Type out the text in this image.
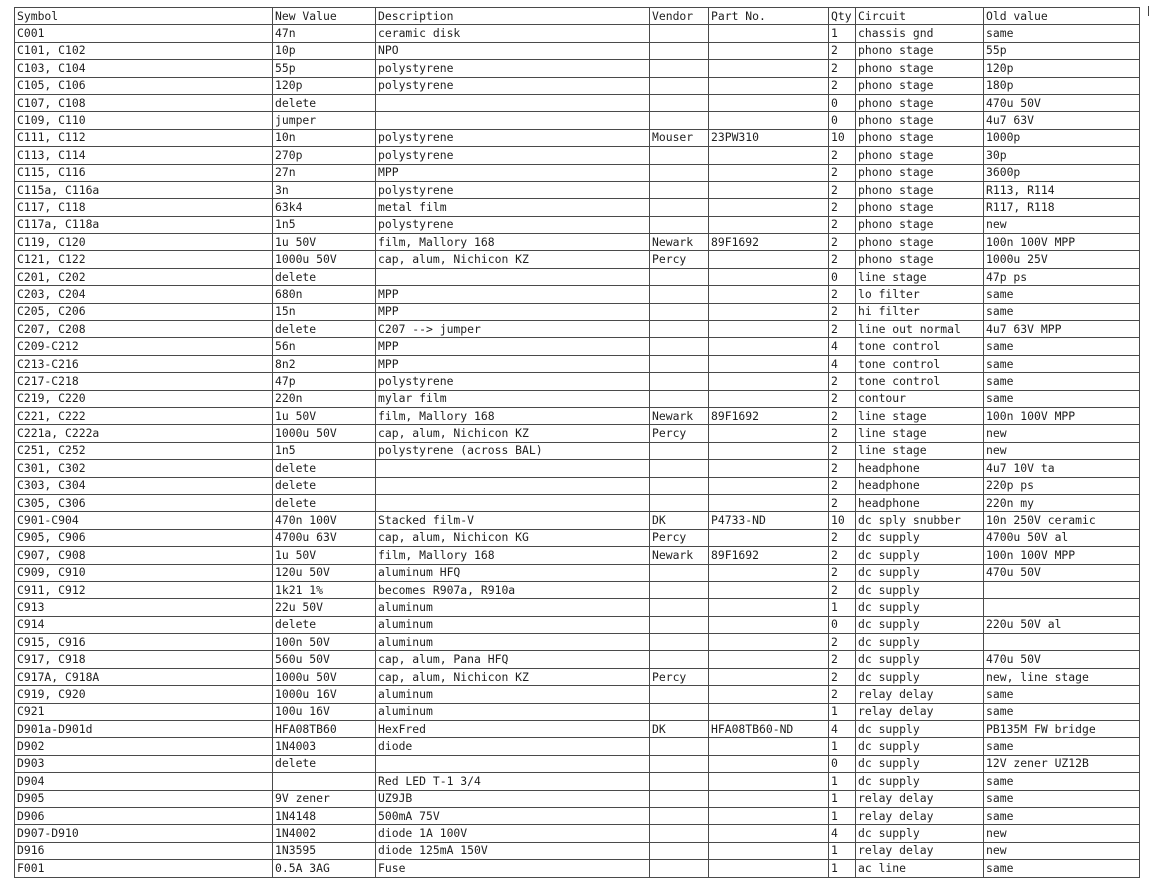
Symbol	New Value	Description	Vendor	Part No.	Qty	Circuit	Old value
C001	47n	ceramic disk			1	chassis gnd	same
C101, C102	10p	NPO			2	phono stage	55p
C103, C104	55p	polystyrene			2	phono stage	120p
C105, C106	120p	polystyrene			2	phono stage	180p
C107, C108	delete				0	phono stage	470u 50V
C109, C110	jumper				0	phono stage	4u7 63V
C111, C112	10n	polystyrene	Mouser	23PW310	10	phono stage	1000p
C113, C114	270p	polystyrene			2	phono stage	30p
C115, C116	27n	MPP			2	phono stage	3600p
C115a, C116a	3n	polystyrene			2	phono stage	R113, R114
C117, C118	63k4	metal film			2	phono stage	R117, R118
C117a, C118a	1n5	polystyrene			2	phono stage	new
C119, C120	1u 50V	film, Mallory 168	Newark	89F1692	2	phono stage	100n 100V MPP
C121, C122	1000u 50V	cap, alum, Nichicon KZ	Percy		2	phono stage	1000u 25V
C201, C202	delete				0	line stage	47p ps
C203, C204	680n	MPP			2	lo filter	same
C205, C206	15n	MPP			2	hi filter	same
C207, C208	delete	C207 --> jumper			2	line out normal	4u7 63V MPP
C209-C212	56n	MPP			4	tone control	same
C213-C216	8n2	MPP			4	tone control	same
C217-C218	47p	polystyrene			2	tone control	same
C219, C220	220n	mylar film			2	contour	same
C221, C222	1u 50V	film, Mallory 168	Newark	89F1692	2	line stage	100n 100V MPP
C221a, C222a	1000u 50V	cap, alum, Nichicon KZ	Percy		2	line stage	new
C251, C252	1n5	polystyrene (across BAL)			2	line stage	new
C301, C302	delete				2	headphone	4u7 10V ta
C303, C304	delete				2	headphone	220p ps
C305, C306	delete				2	headphone	220n my
C901-C904	470n 100V	Stacked film-V	DK	P4733-ND	10	dc sply snubber	10n 250V ceramic
C905, C906	4700u 63V	cap, alum, Nichicon KG	Percy		2	dc supply	4700u 50V al
C907, C908	1u 50V	film, Mallory 168	Newark	89F1692	2	dc supply	100n 100V MPP
C909, C910	120u 50V	aluminum HFQ			2	dc supply	470u 50V
C911, C912	1k21 1%	becomes R907a, R910a			2	dc supply	
C913	22u 50V	aluminum			1	dc supply	
C914	delete	aluminum			0	dc supply	220u 50V al
C915, C916	100n 50V	aluminum			2	dc supply	
C917, C918	560u 50V	cap, alum, Pana HFQ			2	dc supply	470u 50V
C917A, C918A	1000u 50V	cap, alum, Nichicon KZ	Percy		2	dc supply	new, line stage
C919, C920	1000u 16V	aluminum			2	relay delay	same
C921	100u 16V	aluminum			1	relay delay	same
D901a-D901d	HFA08TB60	HexFred	DK	HFA08TB60-ND	4	dc supply	PB135M FW bridge
D902	1N4003	diode			1	dc supply	same
D903	delete				0	dc supply	12V zener UZ12B
D904		Red LED T-1 3/4			1	dc supply	same
D905	9V zener	UZ9JB			1	relay delay	same
D906	1N4148	500mA 75V			1	relay delay	same
D907-D910	1N4002	diode 1A 100V			4	dc supply	new
D916	1N3595	diode 125mA 150V			1	relay delay	new
F001	0.5A 3AG	Fuse			1	ac line	same
